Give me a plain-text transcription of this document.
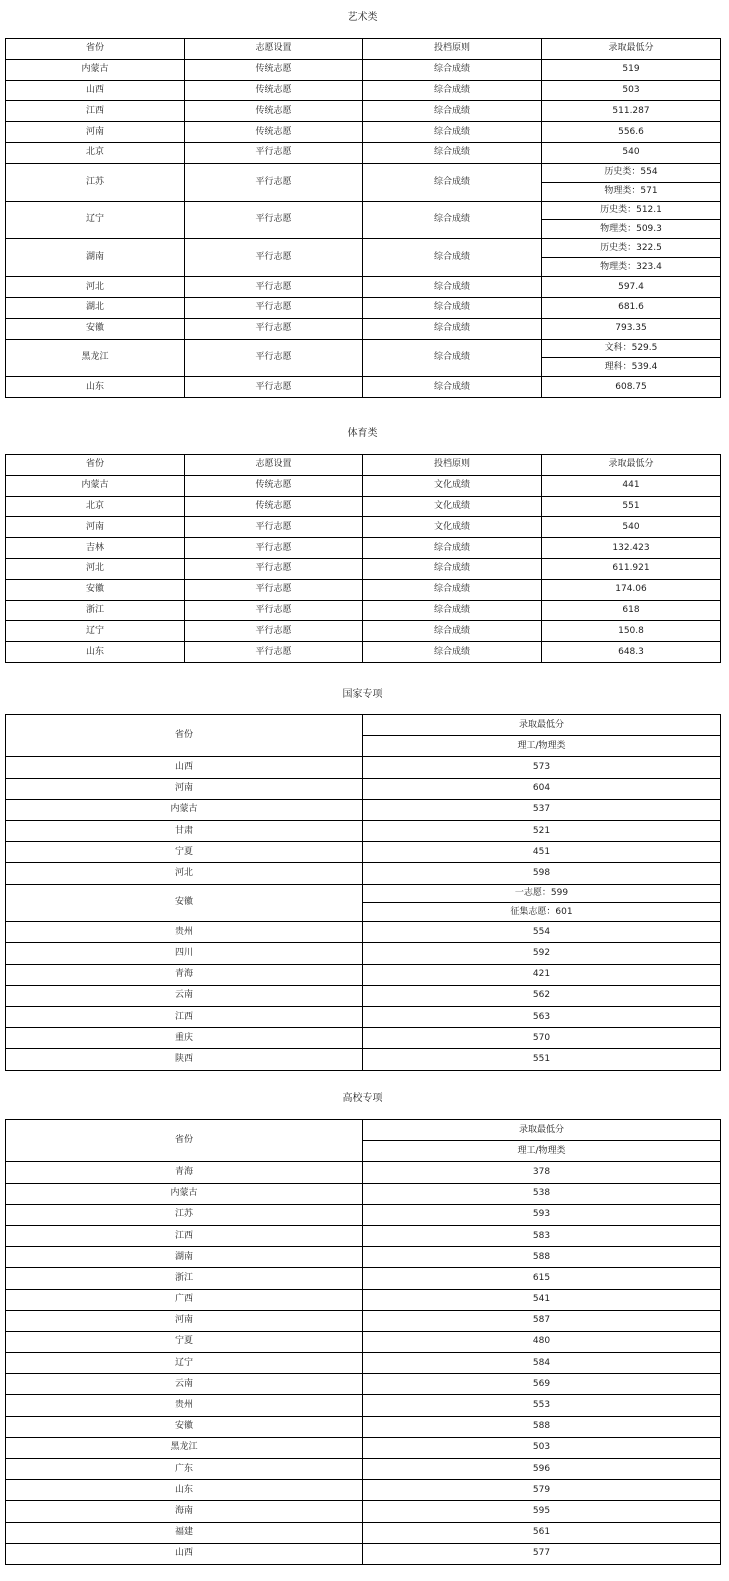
艺术类
省份	志愿设置	投档原则	录取最低分
内蒙古	传统志愿	综合成绩	519
山西	传统志愿	综合成绩	503
江西	传统志愿	综合成绩	511.287
河南	传统志愿	综合成绩	556.6
北京	平行志愿	综合成绩	540
江苏	平行志愿	综合成绩	历史类：554
			物理类：571
辽宁	平行志愿	综合成绩	历史类：512.1
			物理类：509.3
湖南	平行志愿	综合成绩	历史类：322.5
			物理类：323.4
河北	平行志愿	综合成绩	597.4
湖北	平行志愿	综合成绩	681.6
安徽	平行志愿	综合成绩	793.35
黑龙江	平行志愿	综合成绩	文科：529.5
			理科：539.4
山东	平行志愿	综合成绩	608.75
体育类
省份	志愿设置	投档原则	录取最低分
内蒙古	传统志愿	文化成绩	441
北京	传统志愿	文化成绩	551
河南	平行志愿	文化成绩	540
吉林	平行志愿	综合成绩	132.423
河北	平行志愿	综合成绩	611.921
安徽	平行志愿	综合成绩	174.06
浙江	平行志愿	综合成绩	618
辽宁	平行志愿	综合成绩	150.8
山东	平行志愿	综合成绩	648.3
国家专项
省份	录取最低分
	理工/物理类
山西	573
河南	604
内蒙古	537
甘肃	521
宁夏	451
河北	598
安徽	一志愿：599
	征集志愿：601
贵州	554
四川	592
青海	421
云南	562
江西	563
重庆	570
陕西	551
高校专项
省份	录取最低分
	理工/物理类
青海	378
内蒙古	538
江苏	593
江西	583
湖南	588
浙江	615
广西	541
河南	587
宁夏	480
辽宁	584
云南	569
贵州	553
安徽	588
黑龙江	503
广东	596
山东	579
海南	595
福建	561
山西	577
